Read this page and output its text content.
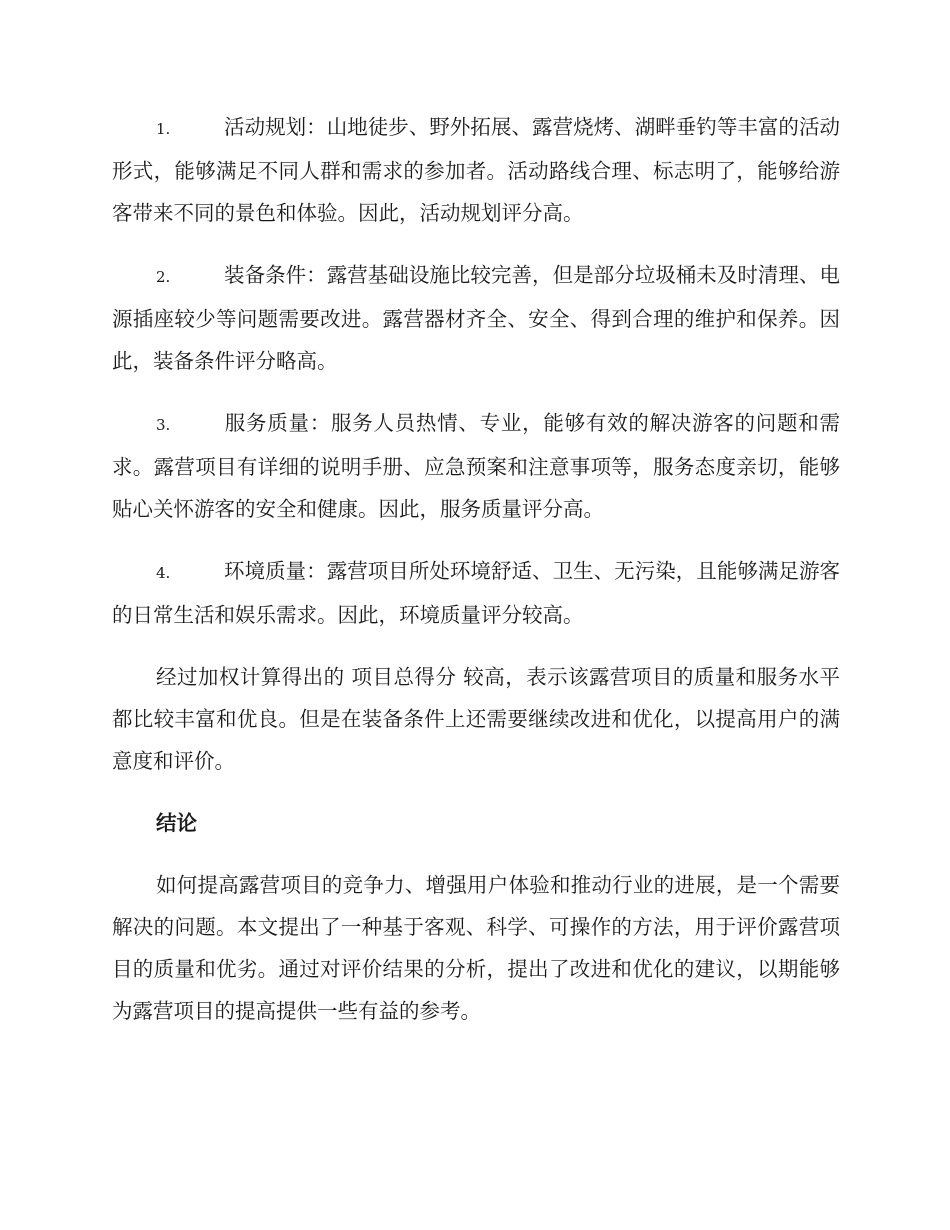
1.	活动规划：山地徒步、野外拓展、露营烧烤、湖畔垂钓等丰富的活动形式，能够满足不同人群和需求的参加者。活动路线合理、标志明了，能够给游客带来不同的景色和体验。因此，活动规划评分高。

2.	装备条件：露营基础设施比较完善，但是部分垃圾桶未及时清理、电源插座较少等问题需要改进。露营器材齐全、安全、得到合理的维护和保养。因此，装备条件评分略高。

3.	服务质量：服务人员热情、专业，能够有效的解决游客的问题和需求。露营项目有详细的说明手册、应急预案和注意事项等，服务态度亲切，能够贴心关怀游客的安全和健康。因此，服务质量评分高。

4.	环境质量：露营项目所处环境舒适、卫生、无污染，且能够满足游客的日常生活和娱乐需求。因此，环境质量评分较高。

经过加权计算得出的 项目总得分 较高，表示该露营项目的质量和服务水平都比较丰富和优良。但是在装备条件上还需要继续改进和优化，以提高用户的满意度和评价。

结论

如何提高露营项目的竞争力、增强用户体验和推动行业的进展，是一个需要解决的问题。本文提出了一种基于客观、科学、可操作的方法，用于评价露营项目的质量和优劣。通过对评价结果的分析，提出了改进和优化的建议，以期能够为露营项目的提高提供一些有益的参考。
